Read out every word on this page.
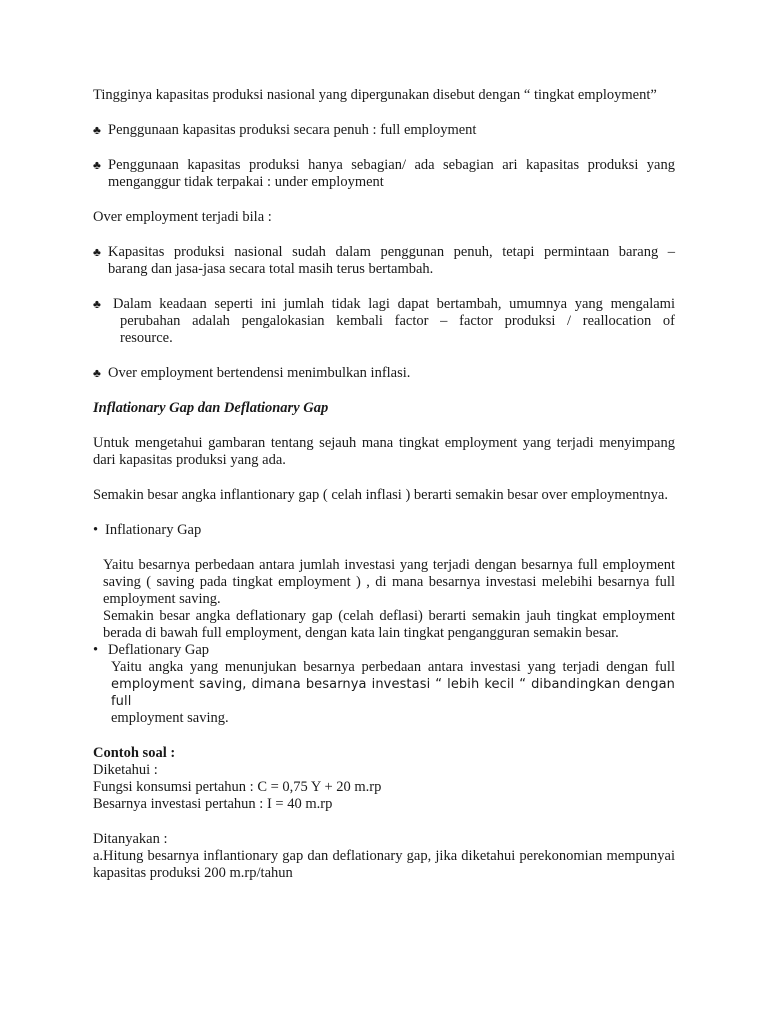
Tingginya kapasitas produksi nasional yang dipergunakan disebut dengan “ tingkat employment”

♣ Penggunaan kapasitas produksi secara penuh : full employment
♣ Penggunaan kapasitas produksi hanya sebagian/ ada sebagian ari kapasitas produksi yang
menganggur tidak terpakai : under employment

Over employment terjadi bila :

♣ Kapasitas produksi nasional sudah dalam penggunan penuh, tetapi permintaan barang –
barang dan jasa-jasa secara total masih terus bertambah.
♣ Dalam keadaan seperti ini jumlah tidak lagi dapat bertambah, umumnya yang mengalami
perubahan adalah pengalokasian kembali factor – factor produksi / reallocation of
resource.
♣ Over employment bertendensi menimbulkan inflasi.

Inflationary Gap dan Deflationary Gap

Untuk mengetahui gambaran tentang sejauh mana tingkat employment yang terjadi menyimpang dari kapasitas produksi yang ada.

Semakin besar angka inflantionary gap ( celah inflasi ) berarti semakin besar over employmentnya.

• Inflationary Gap

Yaitu besarnya perbedaan antara jumlah investasi yang terjadi dengan besarnya full employment saving ( saving pada tingkat employment ) , di mana besarnya investasi melebihi besarnya full employment saving.

Semakin besar angka deflationary gap (celah deflasi) berarti semakin jauh tingkat employment berada di bawah full employment, dengan kata lain tingkat pengangguran semakin besar.

• Deflationary Gap
Yaitu angka yang menunjukan besarnya perbedaan antara investasi yang terjadi dengan full
employment saving, dimana besarnya investasi “ lebih kecil “ dibandingkan dengan full
employment saving.

Contoh soal :

Diketahui :

Fungsi konsumsi pertahun : C = 0,75 Y + 20 m.rp

Besarnya investasi pertahun : I = 40 m.rp

Ditanyakan :

a.Hitung besarnya inflantionary gap dan deflationary gap, jika diketahui perekonomian mempunyai kapasitas produksi 200 m.rp/tahun
